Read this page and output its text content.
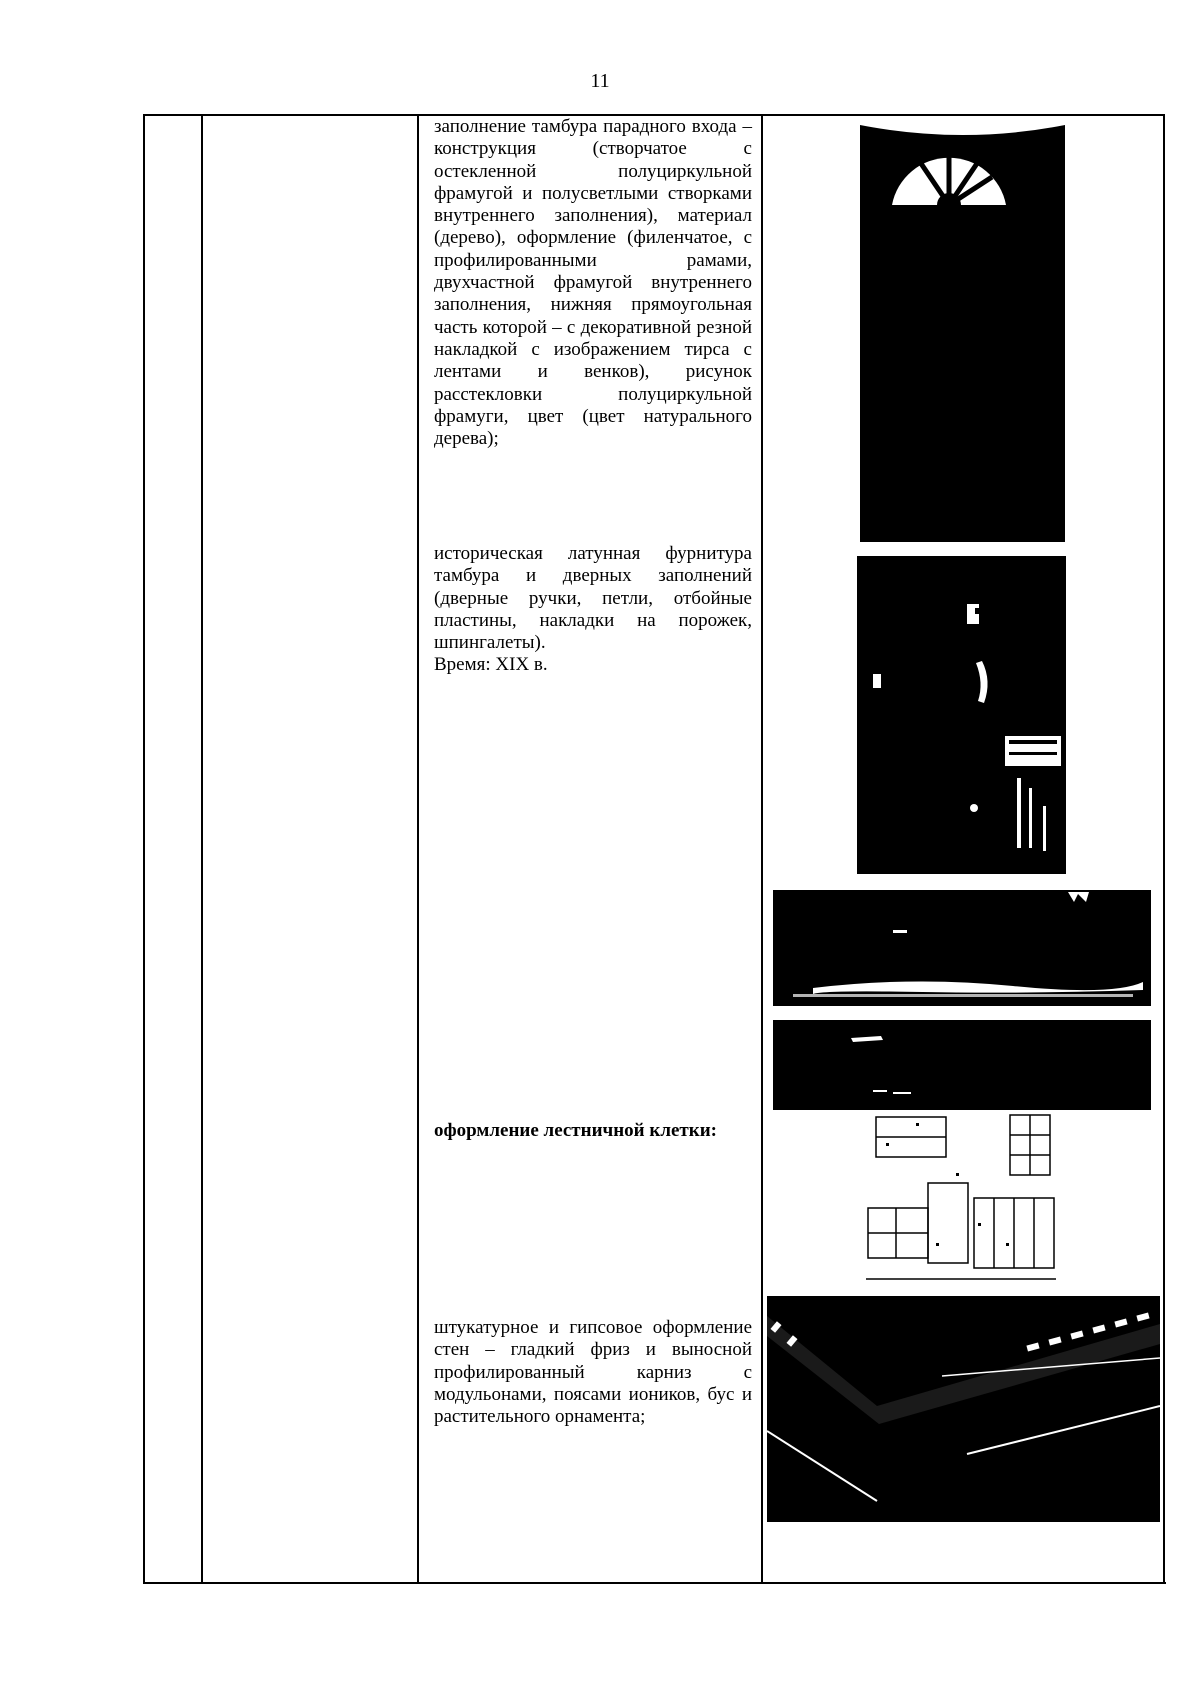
11

заполнение тамбура парадного входа – конструкция (створчатое с остекленной полуциркульной фрамугой и полусветлыми створками внутреннего заполнения), материал (дерево), оформление (филенчатое, с профилированными рамами, двухчастной фрамугой внутреннего заполнения, нижняя прямоугольная часть которой – с декоративной резной накладкой с изображением тирса с лентами и венков), рисунок расстекловки полуциркульной фрамуги, цвет (цвет натурального дерева);

историческая латунная фурнитура тамбура и дверных заполнений (дверные ручки, петли, отбойные пластины, накладки на порожек, шпингалеты).

Время: XIX в.

оформление лестничной клетки:

штукатурное и гипсовое оформление стен – гладкий фриз и выносной профилированный карниз с модульонами, поясами иоников, бус и растительного орнамента;
